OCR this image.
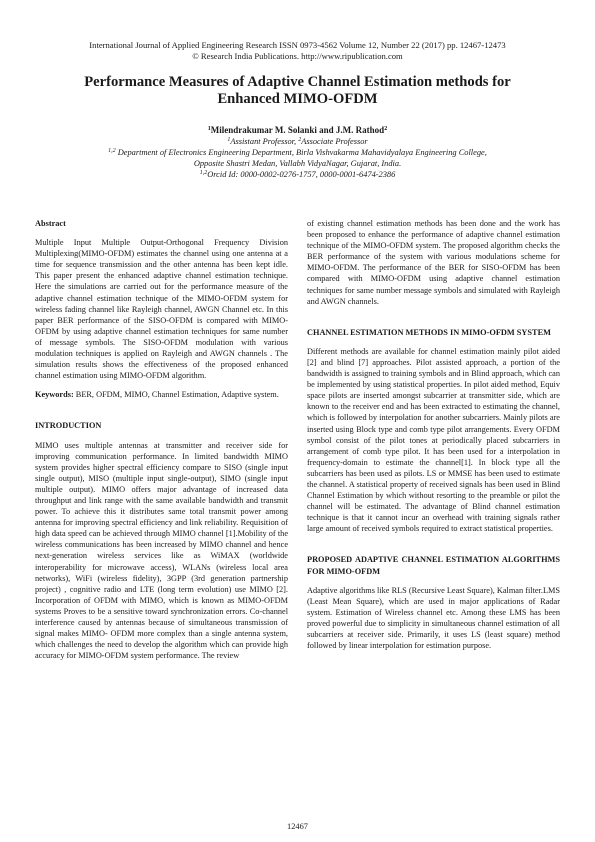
International Journal of Applied Engineering Research ISSN 0973-4562 Volume 12, Number 22 (2017) pp. 12467-12473
© Research India Publications. http://www.ripublication.com
Performance Measures of Adaptive Channel Estimation methods for
Enhanced MIMO-OFDM
$^1$Milendrakumar M. Solanki and J.M. Rathod$^2$
$^1$Assistant Professor, $^2$Associate Professor
$^{1,2}$ Department of Electronics Engineering Department, Birla Vishvakarma Mahavidyalaya Engineering College,
Opposite Shastri Medan, Vallabh VidyaNagar, Gujarat, India.
$^{1,2}$Orcid Id: 0000-0002-0276-1757, 0000-0001-6474-2386

Abstract

Multiple Input Multiple Output-Orthogonal Frequency Division Multiplexing(MIMO-OFDM) estimates the channel using one antenna at a time for sequence transmission and the other antenna has been kept idle. This paper present the enhanced adaptive channel estimation technique. Here the simulations are carried out for the performance measure of the adaptive channel estimation technique of the MIMO-OFDM system for wireless fading channel like Rayleigh channel, AWGN Channel etc. In this paper BER performance of the SISO-OFDM is compared with MIMO-OFDM by using adaptive channel estimation techniques for same number of message symbols. The SISO-OFDM modulation with various modulation techniques is applied on Rayleigh and AWGN channels . The simulation results shows the effectiveness of the proposed enhanced channel estimation using MIMO-OFDM algorithm.

Keywords: BER, OFDM, MIMO, Channel Estimation, Adaptive system.

INTRODUCTION

MIMO uses multiple antennas at transmitter and receiver side for improving communication performance. In limited bandwidth MIMO system provides higher spectral efficiency compare to SISO (single input single output), MISO (multiple input single-output), SIMO (single input multiple output). MIMO offers major advantage of increased data throughput and link range with the same available bandwidth and transmit power. To achieve this it distributes same total transmit power among antenna for improving spectral efficiency and link reliability. Requisition of high data speed can be achieved through MIMO channel [1].Mobility of the wireless communications has been increased by MIMO channel and hence next-generation wireless services like as WiMAX (worldwide interoperability for microwave access), WLANs (wireless local area networks), WiFi (wireless fidelity), 3GPP (3rd generation partnership project) , cognitive radio and LTE (long term evolution) use MIMO [2]. Incorporation of OFDM with MIMO, which is known as MIMO-OFDM systems Proves to be a sensitive toward synchronization errors. Co-channel interference caused by antennas because of simultaneous transmission of signal makes MIMO- OFDM more complex than a single antenna system, which challenges the need to develop the algorithm which can provide high accuracy for MIMO-OFDM system performance. The review

of existing channel estimation methods has been done and the work has been proposed to enhance the performance of adaptive channel estimation technique of the MIMO-OFDM system. The proposed algorithm checks the BER performance of the system with various modulations scheme for MIMO-OFDM. The performance of the BER for SISO-OFDM has been compared with MIMO-OFDM using adaptive channel estimation techniques for same number message symbols and simulated with Rayleigh and AWGN channels.

CHANNEL ESTIMATION METHODS IN MIMO-OFDM SYSTEM

Different methods are available for channel estimation mainly pilot aided [2] and blind [7] approaches. Pilot assisted approach, a portion of the bandwidth is assigned to training symbols and in Blind approach, which can be implemented by using statistical properties. In pilot aided method, Equiv space pilots are inserted amongst subcarrier at transmitter side, which are known to the receiver end and has been extracted to estimating the channel, which is followed by interpolation for another subcarriers. Mainly pilots are inserted using Block type and comb type pilot arrangements. Every OFDM symbol consist of the pilot tones at periodically placed subcarriers in arrangement of comb type pilot. It has been used for a interpolation in frequency-domain to estimate the channel[1]. In block type all the subcarriers has been used as pilots. LS or MMSE has been used to estimate the channel. A statistical property of received signals has been used in Blind Channel Estimation by which without resorting to the preamble or pilot the channel will be estimated. The advantage of Blind channel estimation technique is that it cannot incur an overhead with training signals rather large amount of received symbols required to extract statistical properties.

PROPOSED ADAPTIVE CHANNEL ESTIMATION ALGORITHMS FOR MIMO-OFDM

Adaptive algorithms like RLS (Recursive Least Square), Kalman filter.LMS (Least Mean Square), which are used in major applications of Radar system. Estimation of Wireless channel etc. Among these LMS has been proved powerful due to simplicity in simultaneous channel estimation of all subcarriers at receiver side. Primarily, it uses LS (least square) method followed by linear interpolation for estimation purpose.

12467
